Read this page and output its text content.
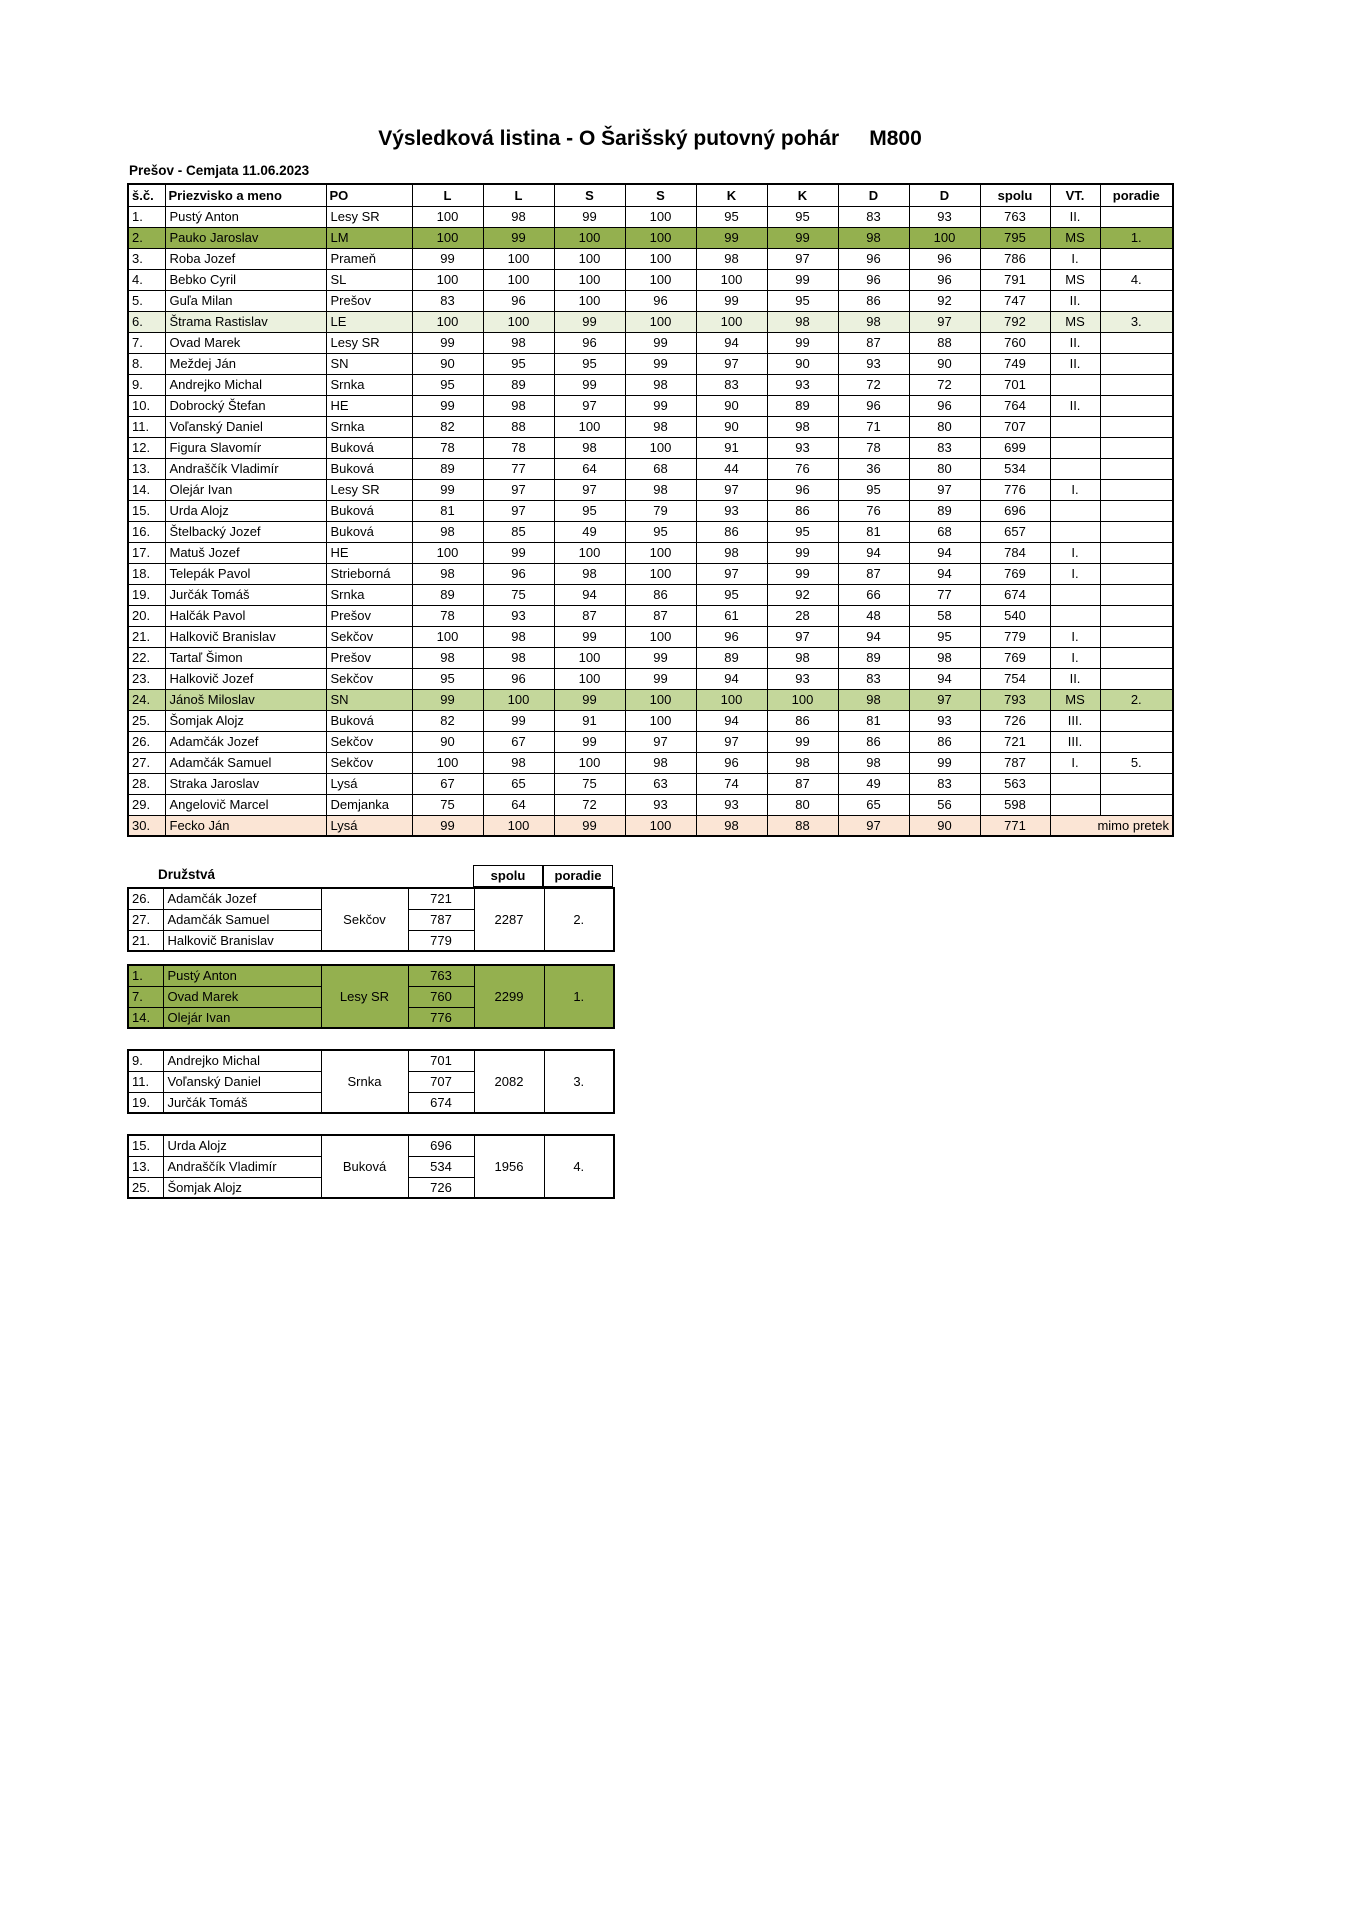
Výsledková listina - O Šarišský putovný pohár M800
Prešov - Cemjata 11.06.2023
š.č.	Priezvisko a meno	PO	L	L	S	S	K	K	D	D	spolu	VT.	poradie
1.	Pustý Anton	Lesy SR	100	98	99	100	95	95	83	93	763	II.	
2.	Pauko Jaroslav	LM	100	99	100	100	99	99	98	100	795	MS	1.
3.	Roba Jozef	Prameň	99	100	100	100	98	97	96	96	786	I.	
4.	Bebko Cyril	SL	100	100	100	100	100	99	96	96	791	MS	4.
5.	Guľa Milan	Prešov	83	96	100	96	99	95	86	92	747	II.	
6.	Štrama Rastislav	LE	100	100	99	100	100	98	98	97	792	MS	3.
7.	Ovad Marek	Lesy SR	99	98	96	99	94	99	87	88	760	II.	
8.	Meždej Ján	SN	90	95	95	99	97	90	93	90	749	II.	
9.	Andrejko Michal	Srnka	95	89	99	98	83	93	72	72	701		
10.	Dobrocký Štefan	HE	99	98	97	99	90	89	96	96	764	II.	
11.	Voľanský Daniel	Srnka	82	88	100	98	90	98	71	80	707		
12.	Figura Slavomír	Buková	78	78	98	100	91	93	78	83	699		
13.	Andraščík Vladimír	Buková	89	77	64	68	44	76	36	80	534		
14.	Olejár Ivan	Lesy SR	99	97	97	98	97	96	95	97	776	I.	
15.	Urda Alojz	Buková	81	97	95	79	93	86	76	89	696		
16.	Štelbacký Jozef	Buková	98	85	49	95	86	95	81	68	657		
17.	Matuš Jozef	HE	100	99	100	100	98	99	94	94	784	I.	
18.	Telepák Pavol	Strieborná	98	96	98	100	97	99	87	94	769	I.	
19.	Jurčák Tomáš	Srnka	89	75	94	86	95	92	66	77	674		
20.	Halčák Pavol	Prešov	78	93	87	87	61	28	48	58	540		
21.	Halkovič Branislav	Sekčov	100	98	99	100	96	97	94	95	779	I.	
22.	Tartaľ Šimon	Prešov	98	98	100	99	89	98	89	98	769	I.	
23.	Halkovič Jozef	Sekčov	95	96	100	99	94	93	83	94	754	II.	
24.	Jánoš Miloslav	SN	99	100	99	100	100	100	98	97	793	MS	2.
25.	Šomjak Alojz	Buková	82	99	91	100	94	86	81	93	726	III.	
26.	Adamčák Jozef	Sekčov	90	67	99	97	97	99	86	86	721	III.	
27.	Adamčák Samuel	Sekčov	100	98	100	98	96	98	98	99	787	I.	5.
28.	Straka Jaroslav	Lysá	67	65	75	63	74	87	49	83	563		
29.	Angelovič Marcel	Demjanka	75	64	72	93	93	80	65	56	598		
30.	Fecko Ján	Lysá	99	100	99	100	98	88	97	90	771	mimo pretek	
Družstvá	spolu	poradie
26.	Adamčák Jozef	Sekčov	721	2287	2.
27.	Adamčák Samuel		787		
21.	Halkovič Branislav		779		
1.	Pustý Anton	Lesy SR	763	2299	1.
7.	Ovad Marek		760		
14.	Olejár Ivan		776		
9.	Andrejko Michal	Srnka	701	2082	3.
11.	Voľanský Daniel		707		
19.	Jurčák Tomáš		674		
15.	Urda Alojz	Buková	696	1956	4.
13.	Andraščík Vladimír		534		
25.	Šomjak Alojz		726		
